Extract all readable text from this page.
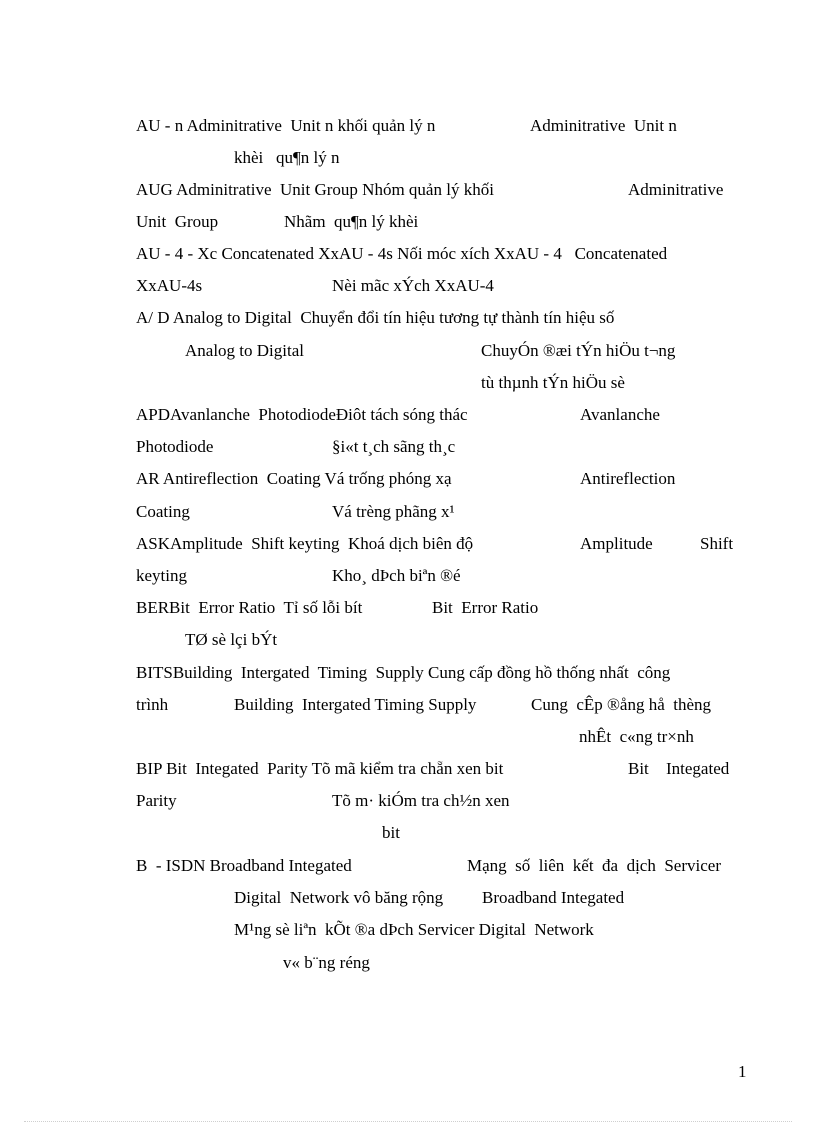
AU - n Adminitrative  Unit n khối quản lý n	Adminitrative  Unit n
khèi   qu¶n lý n
AUG Adminitrative  Unit Group Nhóm quản lý khối	Adminitrative
Unit  Group	Nhãm  qu¶n lý khèi
AU - 4 - Xc Concatenated XxAU - 4s Nối móc xích XxAU - 4   Concatenated
XxAU-4s	Nèi mãc xÝch XxAU-4
A/ D Analog to Digital  Chuyển đổi tín hiệu tương tự thành tín hiệu số
Analog to Digital	ChuyÓn ®æi tÝn hiÖu t¬ng
tù thµnh tÝn hiÖu sè
APDAvanlanche  PhotodiodeĐiôt tách sóng thác	Avanlanche
Photodiode	§i«t t¸ch sãng th¸c
AR Antireflection  Coating Vá trống phóng xạ	Antireflection
Coating	Vá trèng phãng x¹
ASKAmplitude  Shift keyting  Khoá dịch biên độ	Amplitude	Shift
keyting	Kho¸ dÞch biªn ®é
BERBit  Error Ratio  Tỉ số lỗi bít	Bit  Error Ratio
TØ sè lçi bÝt
BITSBuilding  Intergated  Timing  Supply Cung cấp đồng hồ thống nhất  công
trình	Building  Intergated Timing Supply	Cung  cÊp ®ång hå  thèng
nhÊt  c«ng tr×nh
BIP Bit  Integated  Parity Tõ mã kiểm tra chẵn xen bit	Bit Integated
Parity	Tõ m· kiÓm tra ch½n xen
bit
B  - ISDN Broadband Integated	Mạng  số  liên  kết  đa  dịch  Servicer
Digital  Network vô băng rộng Broadband Integated
M¹ng sè liªn  kÕt ®a dÞch Servicer Digital  Network
v« b¨ng réng
1
